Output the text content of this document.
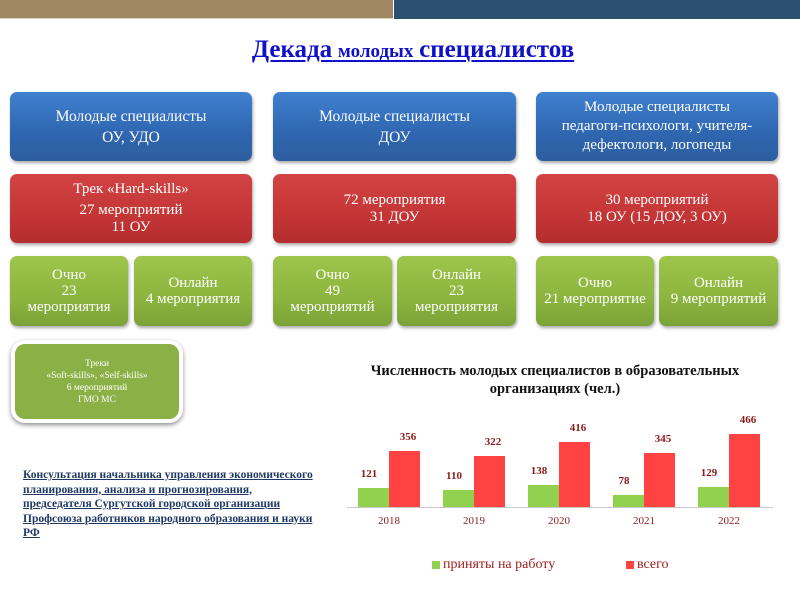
Декада молодых специалистов
Молодые специалисты
ОУ, УДО
Трек «Hard-skills»
27 мероприятий
11 ОУ
Очно
23
мероприятия
Онлайн
4 мероприятия
Молодые специалисты
ДОУ
72 мероприятия
31 ДОУ
Очно
49
мероприятий
Онлайн
23
мероприятия
Молодые специалисты
педагоги-психологи, учителя-
дефектологи, логопеды
30 мероприятий
18 ОУ (15 ДОУ, 3 ОУ)
Очно
21 мероприятие
Онлайн
9 мероприятий
Треки
«Soft-skills», «Self-skills»
6 мероприятий
ГМО МС
Консультация начальника управления экономического планирования, анализа и прогнозирования, председателя Сургутской городской организации Профсоюза работников народного образования и науки РФ
Численность молодых специалистов в образовательных организациях (чел.)
121
356
2018
110
322
2019
138
416
2020
78
345
2021
129
466
2022
приняты на работу	всего
